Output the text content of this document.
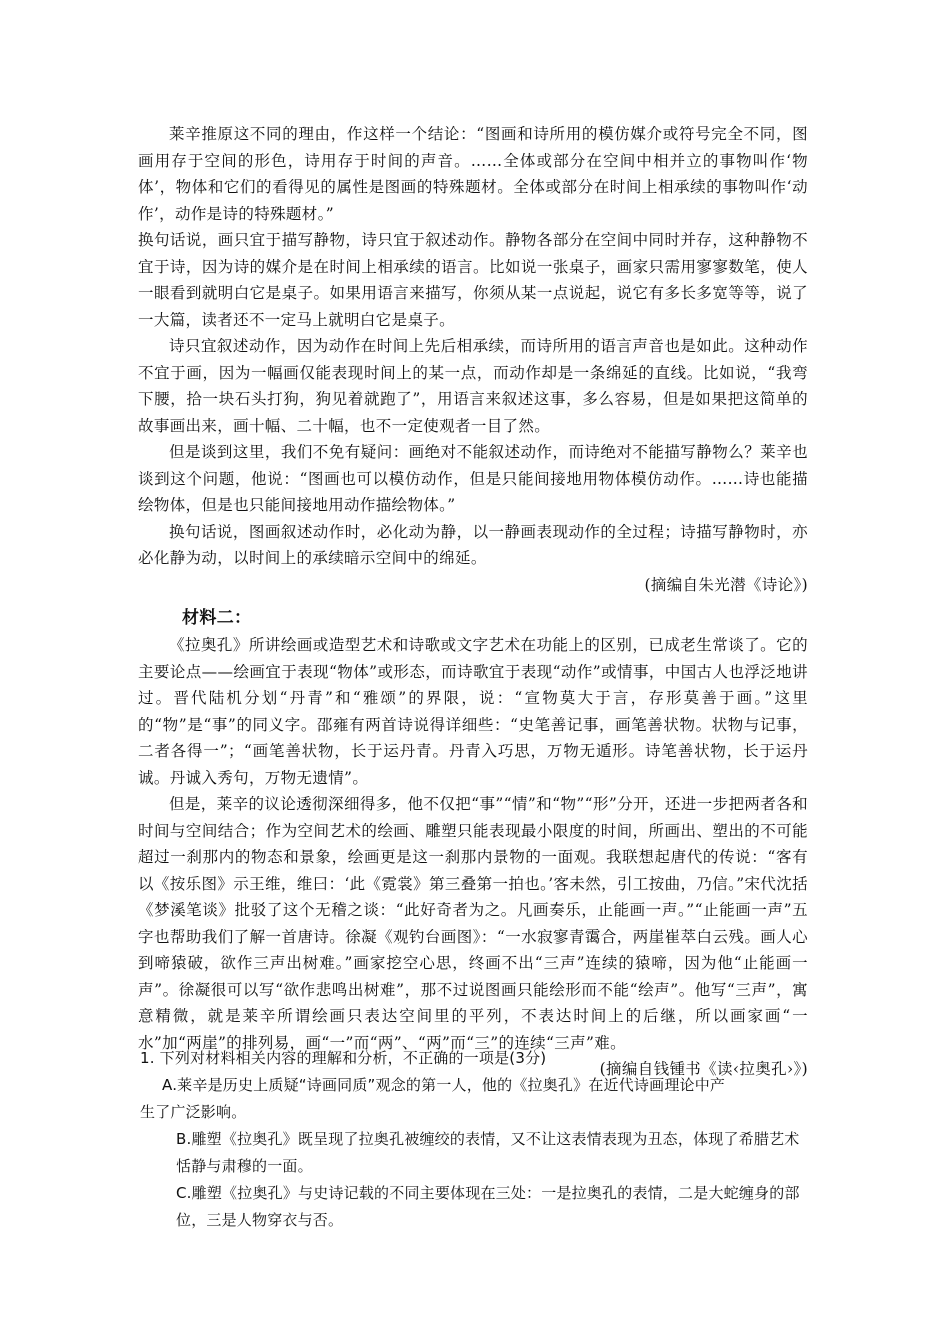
莱辛推原这不同的理由，作这样一个结论：“图画和诗所用的模仿媒介或符号完全不同，图画用存于空间的形色，诗用存于时间的声音。……全体或部分在空间中相并立的事物叫作‘物体’，物体和它们的看得见的属性是图画的特殊题材。全体或部分在时间上相承续的事物叫作‘动作’，动作是诗的特殊题材。”

换句话说，画只宜于描写静物，诗只宜于叙述动作。静物各部分在空间中同时并存，这种静物不宜于诗，因为诗的媒介是在时间上相承续的语言。比如说一张桌子，画家只需用寥寥数笔，使人一眼看到就明白它是桌子。如果用语言来描写，你须从某一点说起，说它有多长多宽等等，说了一大篇，读者还不一定马上就明白它是桌子。

诗只宜叙述动作，因为动作在时间上先后相承续，而诗所用的语言声音也是如此。这种动作不宜于画，因为一幅画仅能表现时间上的某一点，而动作却是一条绵延的直线。比如说，“我弯下腰，拾一块石头打狗，狗见着就跑了”，用语言来叙述这事，多么容易，但是如果把这简单的故事画出来，画十幅、二十幅，也不一定使观者一目了然。

但是谈到这里，我们不免有疑问：画绝对不能叙述动作，而诗绝对不能描写静物么？莱辛也谈到这个问题，他说：“图画也可以模仿动作，但是只能间接地用物体模仿动作。……诗也能描绘物体，但是也只能间接地用动作描绘物体。”

换句话说，图画叙述动作时，必化动为静，以一静画表现动作的全过程；诗描写静物时，亦必化静为动，以时间上的承续暗示空间中的绵延。

(摘编自朱光潜《诗论》)

材料二：

《拉奥孔》所讲绘画或造型艺术和诗歌或文字艺术在功能上的区别，已成老生常谈了。它的主要论点——绘画宜于表现“物体”或形态，而诗歌宜于表现“动作”或情事，中国古人也浮泛地讲过。晋代陆机分划“丹青”和“雅颂”的界限，说：“宣物莫大于言，存形莫善于画。”这里的“物”是“事”的同义字。邵雍有两首诗说得详细些：“史笔善记事，画笔善状物。状物与记事，二者各得一”；“画笔善状物，长于运丹青。丹青入巧思，万物无遁形。诗笔善状物，长于运丹诚。丹诚入秀句，万物无遗情”。

但是，莱辛的议论透彻深细得多，他不仅把“事”“情”和“物”“形”分开，还进一步把两者各和时间与空间结合；作为空间艺术的绘画、雕塑只能表现最小限度的时间，所画出、塑出的不可能超过一刹那内的物态和景象，绘画更是这一刹那内景物的一面观。我联想起唐代的传说：“客有以《按乐图》示王维，维曰：‘此《霓裳》第三叠第一拍也。’客未然，引工按曲，乃信。”宋代沈括《梦溪笔谈》批驳了这个无稽之谈：“此好奇者为之。凡画奏乐，止能画一声。”“止能画一声”五字也帮助我们了解一首唐诗。徐凝《观钓台画图》：“一水寂寥青霭合，两崖崔萃白云残。画人心到啼猿破，欲作三声出树难。”画家挖空心思，终画不出“三声”连续的猿啼，因为他“止能画一声”。徐凝很可以写“欲作悲鸣出树难”，那不过说图画只能绘形而不能“绘声”。他写“三声”，寓意精微，就是莱辛所谓绘画只表达空间里的平列，不表达时间上的后继，所以画家画“一水”加“两崖”的排列易，画“一”而“两”、“两”而“三”的连续“三声”难。

(摘编自钱锺书《读‹拉奥孔›》)

1. 下列对材料相关内容的理解和分析，不正确的一项是(3分)

A.莱辛是历史上质疑“诗画同质”观念的第一人，他的《拉奥孔》在近代诗画理论中产
生了广泛影响。

B.雕塑《拉奥孔》既呈现了拉奥孔被缠绞的表情，又不让这表情表现为丑态，体现了希腊艺术恬静与肃穆的一面。

C.雕塑《拉奥孔》与史诗记载的不同主要体现在三处：一是拉奥孔的表情，二是大蛇缠身的部位，三是人物穿衣与否。
